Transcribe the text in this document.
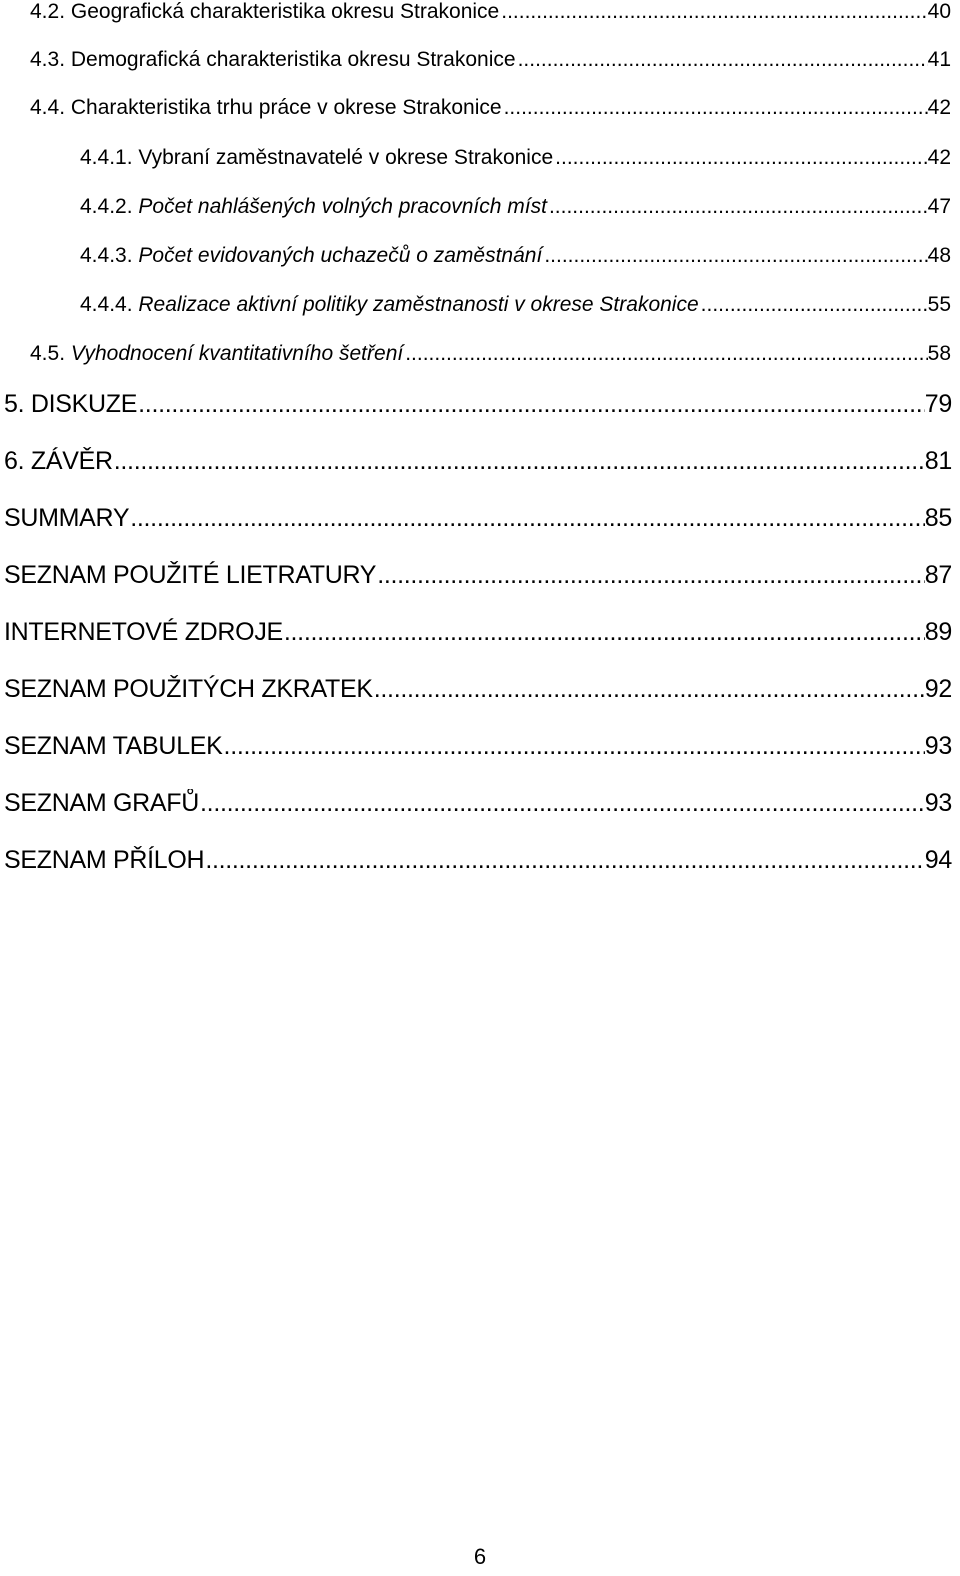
4.2. Geografická charakteristika okresu Strakonice .....	40
4.3. Demografická charakteristika okresu Strakonice .....	41
4.4. Charakteristika trhu práce v okrese Strakonice .....	42
4.4.1. Vybraní zaměstnavatelé v okrese Strakonice .....	42
4.4.2. Počet nahlášených volných pracovních míst .....	47
4.4.3. Počet evidovaných uchazečů o zaměstnání .....	48
4.4.4. Realizace aktivní politiky zaměstnanosti v okrese Strakonice .....	55
4.5. Vyhodnocení kvantitativního šetření .....	58
5. DISKUZE .....	79
6. ZÁVĚR .....	81
SUMMARY .....	85
SEZNAM POUŽITÉ LIETRATURY .....	87
INTERNETOVÉ ZDROJE .....	89
SEZNAM POUŽITÝCH ZKRATEK .....	92
SEZNAM TABULEK .....	93
SEZNAM GRAFŮ .....	93
SEZNAM PŘÍLOH .....	94
6
